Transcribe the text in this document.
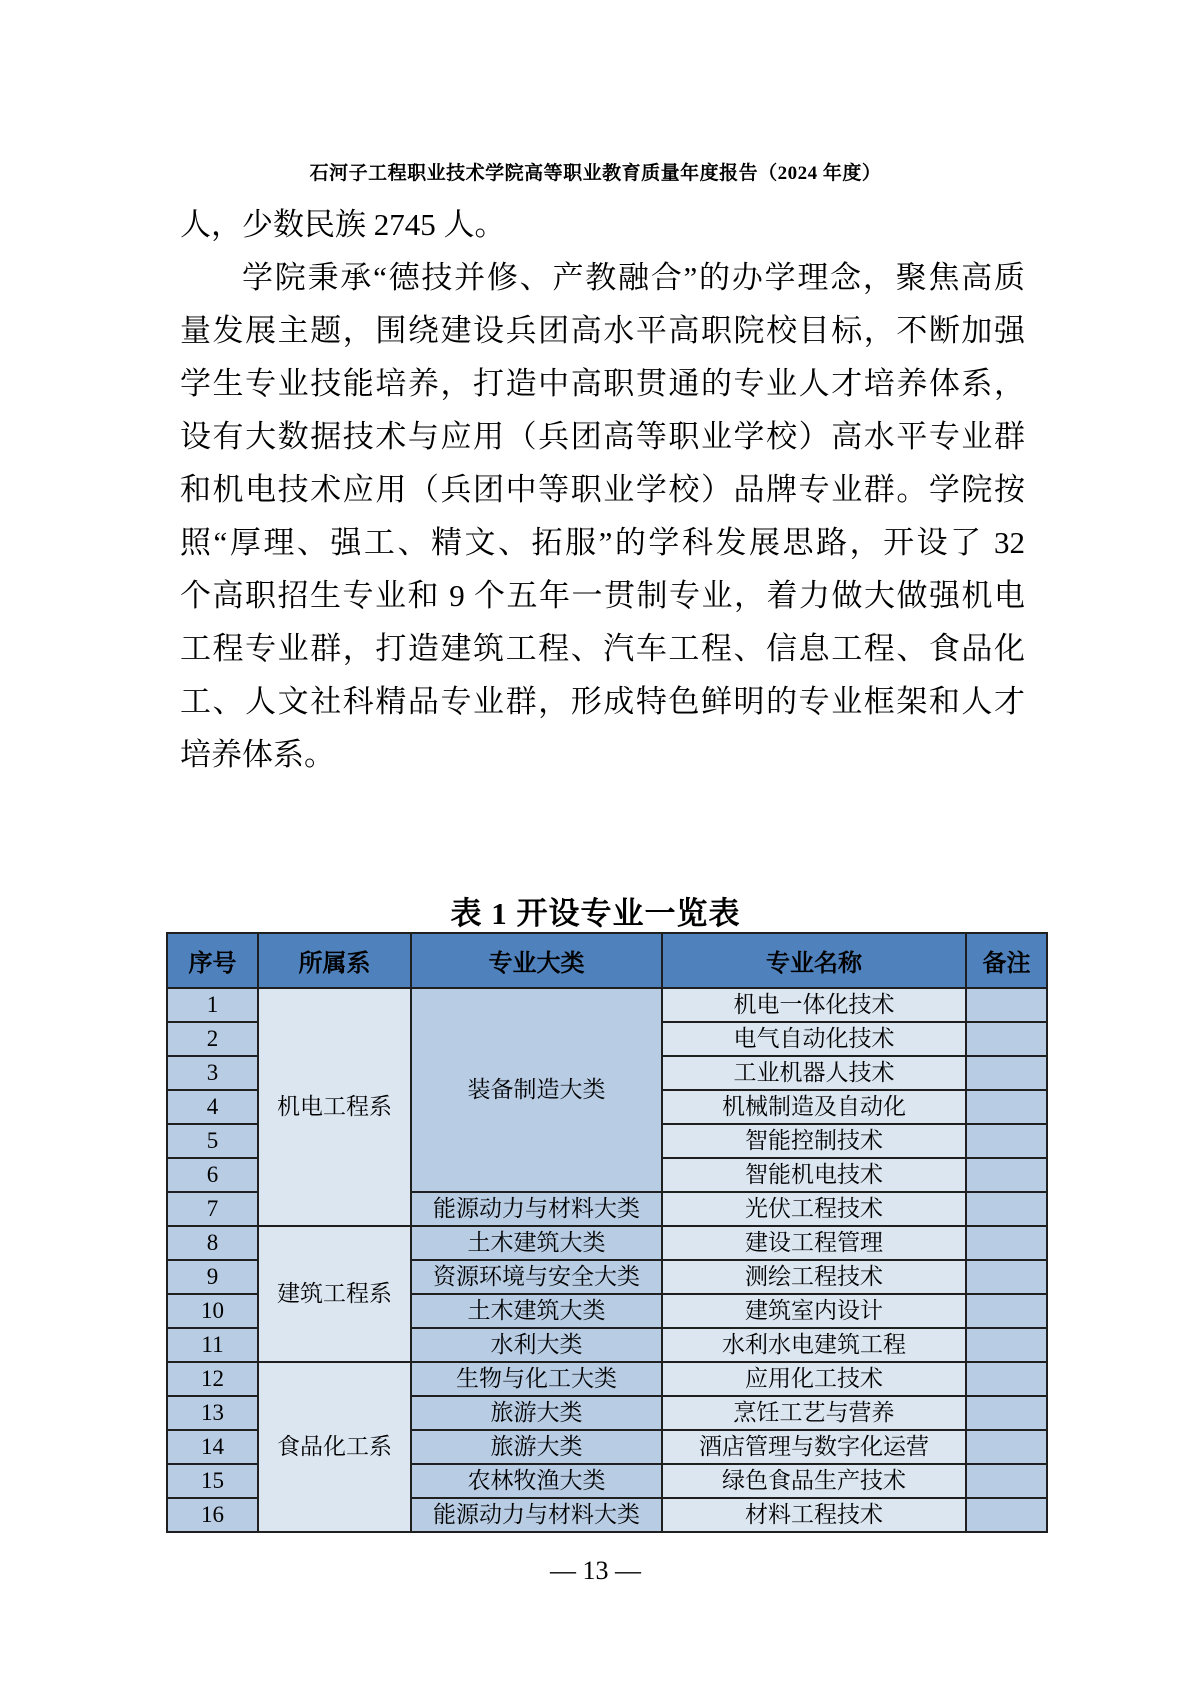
石河子工程职业技术学院高等职业教育质量年度报告（2024 年度）
人，少数民族 2745 人。
学院秉承“德技并修、产教融合”的办学理念，聚焦高质
量发展主题，围绕建设兵团高水平高职院校目标，不断加强
学生专业技能培养，打造中高职贯通的专业人才培养体系，
设有大数据技术与应用（兵团高等职业学校）高水平专业群
和机电技术应用（兵团中等职业学校）品牌专业群。学院按
照“厚理、强工、精文、拓服”的学科发展思路，开设了 32
个高职招生专业和 9 个五年一贯制专业，着力做大做强机电
工程专业群，打造建筑工程、汽车工程、信息工程、食品化
工、人文社科精品专业群，形成特色鲜明的专业框架和人才
培养体系。
表 1 开设专业一览表
序号	所属系	专业大类	专业名称	备注
1	机电工程系	装备制造大类	机电一体化技术	
2			电气自动化技术	
3			工业机器人技术	
4			机械制造及自动化	
5			智能控制技术	
6			智能机电技术	
7		能源动力与材料大类	光伏工程技术	
8	建筑工程系	土木建筑大类	建设工程管理	
9		资源环境与安全大类	测绘工程技术	
10		土木建筑大类	建筑室内设计	
11		水利大类	水利水电建筑工程	
12	食品化工系	生物与化工大类	应用化工技术	
13		旅游大类	烹饪工艺与营养	
14		旅游大类	酒店管理与数字化运营	
15		农林牧渔大类	绿色食品生产技术	
16		能源动力与材料大类	材料工程技术	
— 13 —
